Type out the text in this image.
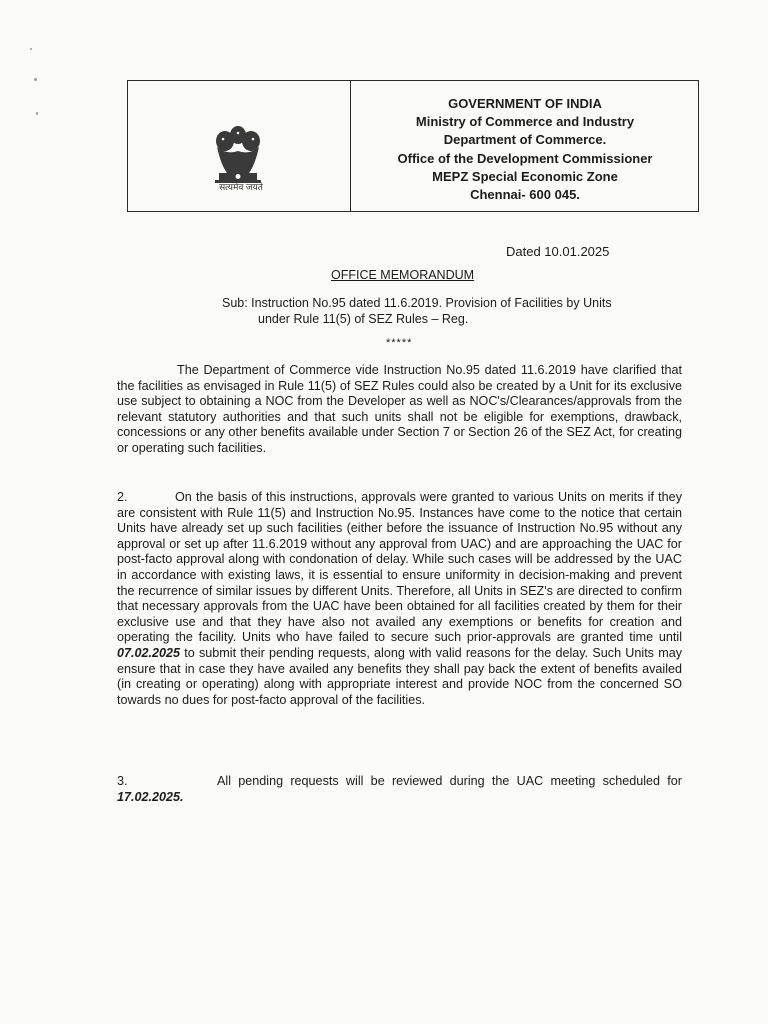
सत्यमेव जयते
GOVERNMENT OF INDIA
Ministry of Commerce and Industry
Department of Commerce.
Office of the Development Commissioner
MEPZ Special Economic Zone
Chennai- 600 045.
Dated 10.01.2025
OFFICE MEMORANDUM
Sub: Instruction No.95 dated 11.6.2019. Provision of Facilities by Units
under Rule 11(5) of SEZ Rules – Reg.
*****
The Department of Commerce vide Instruction No.95 dated 11.6.2019 have clarified that the facilities as envisaged in Rule 11(5) of SEZ Rules could also be created by a Unit for its exclusive use subject to obtaining a NOC from the Developer as well as NOC's/Clearances/approvals from the relevant statutory authorities and that such units shall not be eligible for exemptions, drawback, concessions or any other benefits available under Section 7 or Section 26 of the SEZ Act, for creating or operating such facilities.
2.	On the basis of this instructions, approvals were granted to various Units on merits if they are consistent with Rule 11(5) and Instruction No.95. Instances have come to the notice that certain Units have already set up such facilities (either before the issuance of Instruction No.95 without any approval or set up after 11.6.2019 without any approval from UAC) and are approaching the UAC for post-facto approval along with condonation of delay. While such cases will be addressed by the UAC in accordance with existing laws, it is essential to ensure uniformity in decision-making and prevent the recurrence of similar issues by different Units. Therefore, all Units in SEZ's are directed to confirm that necessary approvals from the UAC have been obtained for all facilities created by them for their exclusive use and that they have also not availed any exemptions or benefits for creation and operating the facility. Units who have failed to secure such prior-approvals are granted time until 07.02.2025 to submit their pending requests, along with valid reasons for the delay. Such Units may ensure that in case they have availed any benefits they shall pay back the extent of benefits availed (in creating or operating) along with appropriate interest and provide NOC from the concerned SO towards no dues for post-facto approval of the facilities.
3.	All pending requests will be reviewed during the UAC meeting scheduled for 17.02.2025.
